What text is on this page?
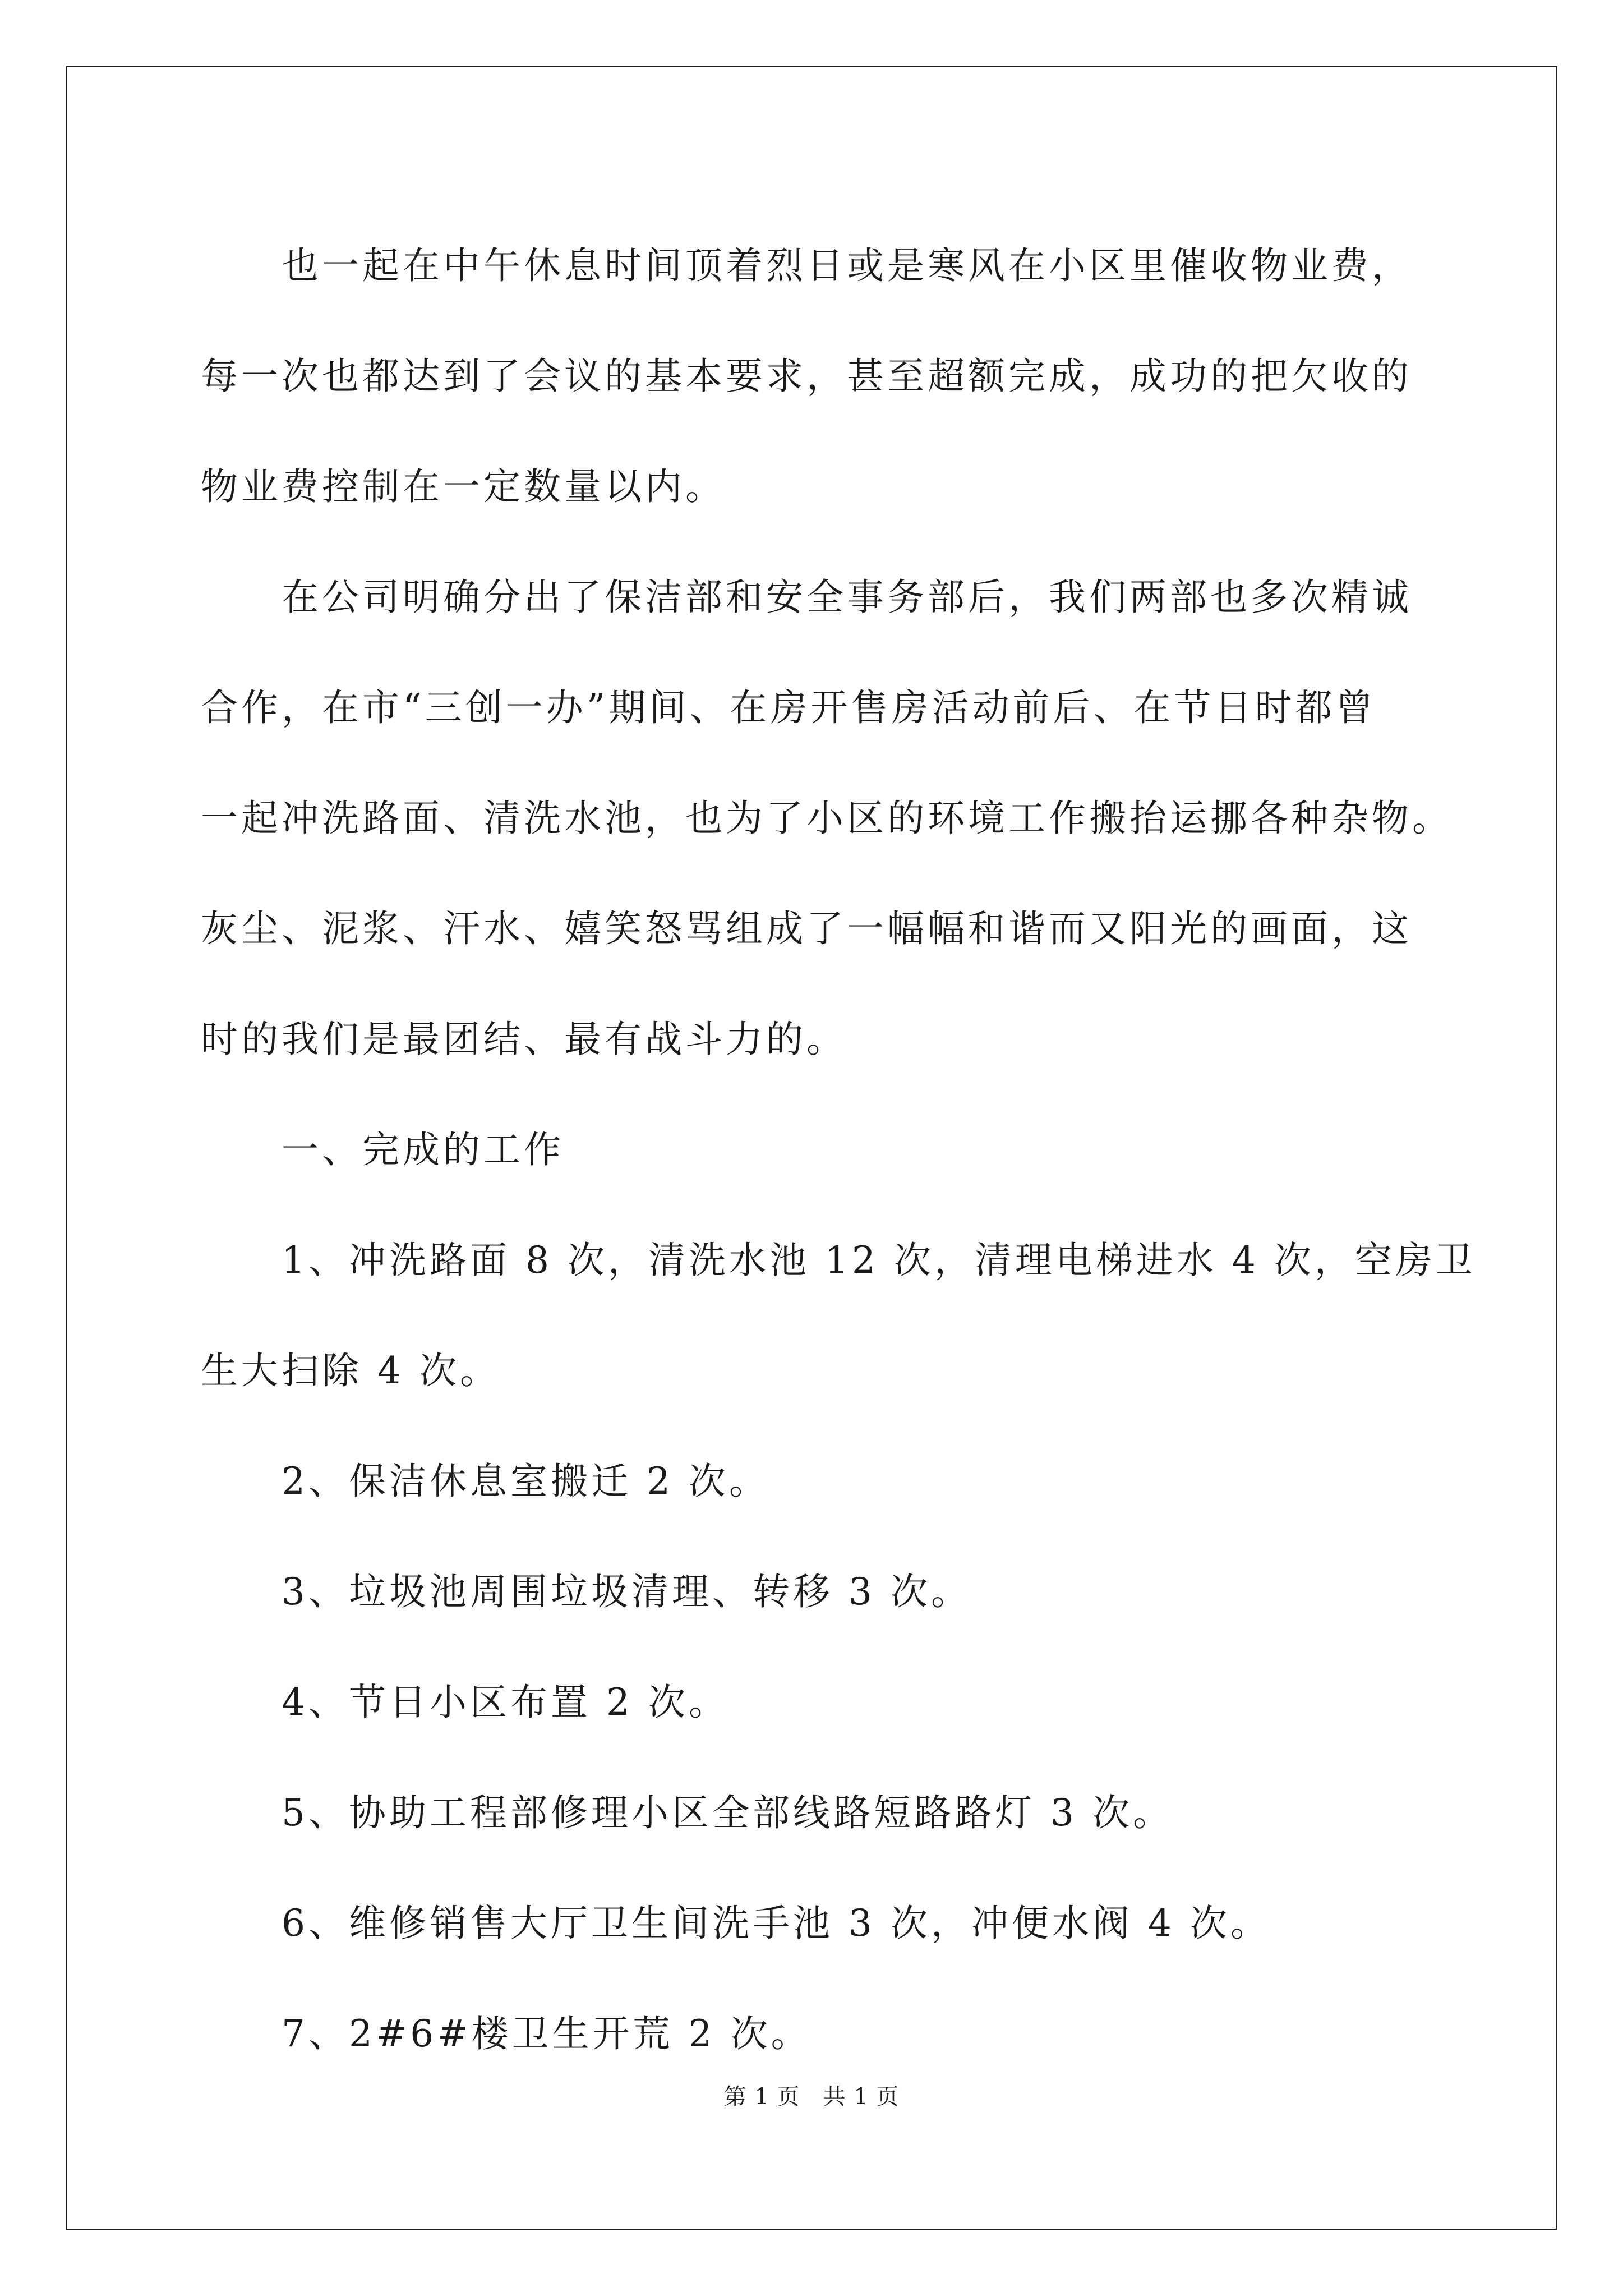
也一起在中午休息时间顶着烈日或是寒风在小区里催收物业费，

每一次也都达到了会议的基本要求，甚至超额完成，成功的把欠收的

物业费控制在一定数量以内。

在公司明确分出了保洁部和安全事务部后，我们两部也多次精诚

合作，在市“三创一办”期间、在房开售房活动前后、在节日时都曾

一起冲洗路面、清洗水池，也为了小区的环境工作搬抬运挪各种杂物。

灰尘、泥浆、汗水、嬉笑怒骂组成了一幅幅和谐而又阳光的画面，这

时的我们是最团结、最有战斗力的。

一、完成的工作

1、冲洗路面 8 次，清洗水池 12 次，清理电梯进水 4 次，空房卫

生大扫除 4 次。

2、保洁休息室搬迁 2 次。

3、垃圾池周围垃圾清理、转移 3 次。

4、节日小区布置 2 次。

5、协助工程部修理小区全部线路短路路灯 3 次。

6、维修销售大厅卫生间洗手池 3 次，冲便水阀 4 次。

7、2#6#楼卫生开荒 2 次。

第 1 页　共 1 页
